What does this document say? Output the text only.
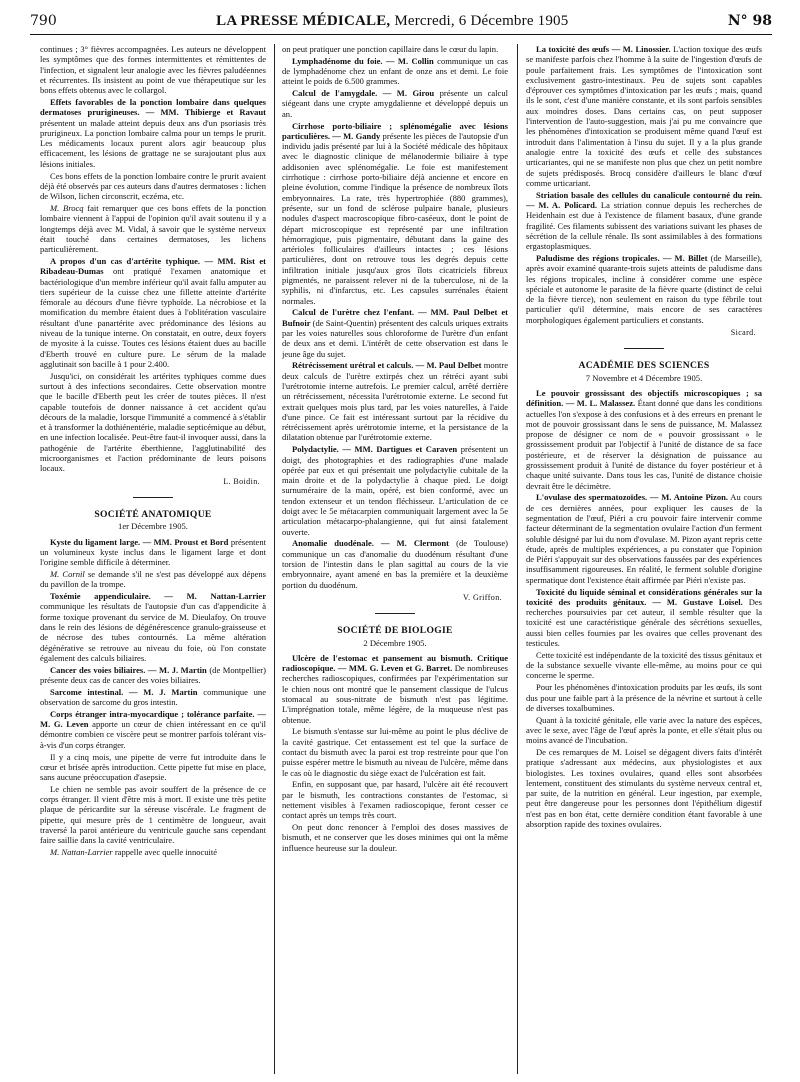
790	LA PRESSE MÉDICALE, Mercredi, 6 Décembre 1905	N° 98

continues ; 3° fièvres accompagnées. Les auteurs ne développent les symptômes que des formes intermittentes et rémittentes de l'infection, et signalent leur analogie avec les fièvres paludéennes et récurrentes. Ils insistent au point de vue thérapeutique sur les bons effets obtenus avec le collargol.

Effets favorables de la ponction lombaire dans quelques dermatoses prurigineuses. — MM. Thibierge et Ravaut présentent un malade atteint depuis deux ans d'un psoriasis très prurigineux. La ponction lombaire calma pour un temps le prurit. Les médicaments locaux purent alors agir beaucoup plus efficacement, les lésions de grattage ne se surajoutant plus aux lésions initiales.

Ces bons effets de la ponction lombaire contre le prurit avaient déjà été observés par ces auteurs dans d'autres dermatoses : lichen de Wilson, lichen circonscrit, eczéma, etc.

M. Brocq fait remarquer que ces bons effets de la ponction lombaire viennent à l'appui de l'opinion qu'il avait soutenu il y a longtemps déjà avec M. Vidal, à savoir que le système nerveux était touché dans certaines dermatoses, les lichens particulièrement.

A propos d'un cas d'artérite typhique. — MM. Rist et Ribadeau-Dumas ont pratiqué l'examen anatomique et bactériologique d'un membre inférieur qu'il avait fallu amputer au tiers supérieur de la cuisse chez une fillette atteinte d'artérite fémorale au décours d'une fièvre typhoïde. La nécrobiose et la momification du membre étaient dues à l'oblitération vasculaire résultant d'une panartérite avec prédominance des lésions au niveau de la tunique interne. On constatait, en outre, deux foyers de myosite à la cuisse. Toutes ces lésions étaient dues au bacille d'Eberth trouvé en culture pure. Le sérum de la malade agglutinait son bacille à 1 pour 2.400.

Jusqu'ici, on considérait les artérites typhiques comme dues surtout à des infections secondaires. Cette observation montre que le bacille d'Eberth peut les créer de toutes pièces. Il n'est capable toutefois de donner naissance à cet accident qu'au décours de la maladie, lorsque l'immunité a commencé à s'établir et à transformer la dothiénentérie, maladie septicémique au début, en une infection localisée. Peut-être faut-il invoquer aussi, dans la pathogénie de l'artérite éberthienne, l'agglutinabilité des microorganismes et l'action prédominante de leurs poisons locaux.

L. Boidin.
SOCIÉTÉ ANATOMIQUE
1er Décembre 1905.

Kyste du ligament large. — MM. Proust et Bord présentent un volumineux kyste inclus dans le ligament large et dont l'origine semble difficile à déterminer.

M. Cornil se demande s'il ne s'est pas développé aux dépens du pavillon de la trompe.

Toxémie appendiculaire. — M. Nattan-Larrier communique les résultats de l'autopsie d'un cas d'appendicite à forme toxique provenant du service de M. Dieulafoy. On trouve dans le rein des lésions de dégénérescence granulo-graisseuse et de nécrose des tubes contournés. La même altération dégénérative se retrouve au niveau du foie, où l'on constate également des calculs biliaires.

Cancer des voies biliaires. — M. J. Martin (de Montpellier) présente deux cas de cancer des voies biliaires.

Sarcome intestinal. — M. J. Martin communique une observation de sarcome du gros intestin.

Corps étranger intra-myocardique ; tolérance parfaite. — M. G. Leven apporte un cœur de chien intéressant en ce qu'il démontre combien ce viscère peut se montrer parfois tolérant vis-à-vis d'un corps étranger.

Il y a cinq mois, une pipette de verre fut introduite dans le cœur et brisée après introduction. Cette pipette fut mise en place, sans aucune préoccupation d'asepsie.

Le chien ne semble pas avoir souffert de la présence de ce corps étranger. Il vient d'être mis à mort. Il existe une très petite plaque de péricardite sur la séreuse viscérale. Le fragment de pipette, qui mesure près de 1 centimètre de longueur, avait traversé la paroi antérieure du ventricule gauche sans cependant faire saillie dans la cavité ventriculaire.

M. Nattan-Larrier rappelle avec quelle innocuité

on peut pratiquer une ponction capillaire dans le cœur du lapin.

Lymphadénome du foie. — M. Collin communique un cas de lymphadénome chez un enfant de onze ans et demi. Le foie atteint le poids de 6.500 grammes.

Calcul de l'amygdale. — M. Girou présente un calcul siégeant dans une crypte amygdalienne et développé depuis un an.

Cirrhose porto-biliaire ; splénomégalie avec lésions particulières. — M. Gandy présente les pièces de l'autopsie d'un individu jadis présenté par lui à la Société médicale des hôpitaux avec le diagnostic clinique de mélanodermie biliaire à type addisonien avec splénomégalie. Le foie est manifestement cirrhotique : cirrhose porto-biliaire déjà ancienne et encore en pleine évolution, comme l'indique la présence de nombreux îlots embryonnaires. La rate, très hypertrophiée (880 grammes), présente, sur un fond de sclérose pulpaire banale, plusieurs nodules d'aspect macroscopique fibro-caséeux, dont le point de départ microscopique est représenté par une infiltration hémorragique, puis pigmentaire, débutant dans la gaine des artérioles folliculaires d'ailleurs intactes ; ces lésions particulières, dont on retrouve tous les degrés depuis cette infiltration initiale jusqu'aux gros îlots cicatriciels fibreux pigmentés, ne paraissent relever ni de la tuberculose, ni de la syphilis, ni d'infarctus, etc. Les capsules surrénales étaient normales.

Calcul de l'urètre chez l'enfant. — MM. Paul Delbet et Bufnoir (de Saint-Quentin) présentent des calculs uriques extraits par les voies naturelles sous chloroforme de l'urètre d'un enfant de deux ans et demi. L'intérêt de cette observation est dans le jeune âge du sujet.

Rétrécissement urétral et calculs. — M. Paul Delbet montre deux calculs de l'urètre extirpés chez un rétréci ayant subi l'urétrotomie interne autrefois. Le premier calcul, arrêté derrière un rétrécissement, nécessita l'urétrotomie externe. Le second fut extrait quelques mois plus tard, par les voies naturelles, à l'aide d'une pince. Ce fait est intéressant surtout par la récidive du rétrécissement après urétrotomie interne, et la persistance de la dilatation obtenue par l'urétrotomie externe.

Polydactylie. — MM. Dartigues et Caraven présentent un doigt, des photographies et des radiographies d'une malade opérée par eux et qui présentait une polydactylie cubitale de la main droite et de la polydactylie à chaque pied. Le doigt surnuméraire de la main, opéré, est bien conformé, avec un tendon extenseur et un tendon fléchisseur. L'articulation de ce doigt avec le 5e métacarpien communiquait largement avec la 5e articulation métacarpo-phalangienne, qui fut ainsi fatalement ouverte.

Anomalie duodénale. — M. Clermont (de Toulouse) communique un cas d'anomalie du duodénum résultant d'une torsion de l'intestin dans le plan sagittal au cours de la vie embryonnaire, ayant amené en bas la première et la deuxième portion du duodénum.

V. Griffon.
SOCIÉTÉ DE BIOLOGIE
2 Décembre 1905.

Ulcère de l'estomac et pansement au bismuth. Critique radioscopique. — MM. G. Leven et G. Barret. De nombreuses recherches radioscopiques, confirmées par l'expérimentation sur le chien nous ont montré que le pansement classique de l'ulcus stomacal au sous-nitrate de bismuth n'est pas légitime. L'imprégnation totale, même légère, de la muqueuse n'est pas obtenue.

Le bismuth s'entasse sur lui-même au point le plus déclive de la cavité gastrique. Cet entassement est tel que la surface de contact du bismuth avec la paroi est trop restreinte pour que l'on puisse espérer mettre le bismuth au niveau de l'ulcère, même dans le cas où le diagnostic du siège exact de l'ulcération est fait.

Enfin, en supposant que, par hasard, l'ulcère ait été recouvert par le bismuth, les contractions constantes de l'estomac, si nettement visibles à l'examen radioscopique, feront cesser ce contact après un temps très court.

On peut donc renoncer à l'emploi des doses massives de bismuth, et ne conserver que les doses minimes qui ont la même influence heureuse sur la douleur.

La toxicité des œufs — M. Linossier. L'action toxique des œufs se manifeste parfois chez l'homme à la suite de l'ingestion d'œufs de poule parfaitement frais. Les symptômes de l'intoxication sont exclusivement gastro-intestinaux. Peu de sujets sont capables d'éprouver ces symptômes d'intoxication par les œufs ; mais, quand ils le sont, c'est d'une manière constante, et ils sont parfois sensibles aux moindres doses. Dans certains cas, on peut supposer l'intervention de l'auto-suggestion, mais j'ai pu me convaincre que les phénomènes d'intoxication se produisent même quand l'œuf est introduit dans l'alimentation à l'insu du sujet. Il y a la plus grande analogie entre la toxicité des œufs et celle des substances urticariantes, qui ne se manifeste non plus que chez un petit nombre de sujets prédisposés. Brocq considère d'ailleurs le blanc d'œuf comme urticariant.

Striation basale des cellules du canalicule contourné du rein. — M. A. Policard. La striation connue depuis les recherches de Heidenhain est due à l'existence de filament basaux, d'une grande fragilité. Ces filaments subissent des variations suivant les phases de sécrétion de la cellule rénale. Ils sont assimilables à des formations ergastoplasmiques.

Paludisme des régions tropicales. — M. Billet (de Marseille), après avoir examiné quarante-trois sujets atteints de paludisme dans les régions tropicales, incline à considérer comme une espèce spéciale et autonome le parasite de la fièvre quarte (distinct de celui de la fièvre tierce), non seulement en raison du type fébrile tout particulier qu'il détermine, mais encore de ses caractères morphologiques également particuliers et constants.

Sicard.
ACADÉMIE DES SCIENCES
7 Novembre et 4 Décembre 1905.

Le pouvoir grossissant des objectifs microscopiques ; sa définition. — M. L. Malassez. Étant donné que dans les conditions actuelles l'on s'expose à des confusions et à des erreurs en prenant le mot de pouvoir grossissant dans le sens de puissance, M. Malassez propose de désigner ce nom de « pouvoir grossissant » le grossissement produit par l'objectif à l'unité de distance de sa face postérieure, et de réserver la désignation de puissance au grossissement produit à l'unité de distance du foyer postérieur et à chaque unité suivante. Dans tous les cas, l'unité de distance choisie devrait être le décimètre.

L'ovulase des spermatozoïdes. — M. Antoine Pizon. Au cours de ces dernières années, pour expliquer les causes de la segmentation de l'œuf, Piéri a cru pouvoir faire intervenir comme facteur déterminant de la segmentation ovulaire l'action d'un ferment soluble désigné par lui du nom d'ovulase. M. Pizon ayant repris cette étude, après de multiples expériences, a pu constater que l'opinion de Piéri s'appuyait sur des observations faussées par des expériences insuffisamment rigoureuses. En réalité, le ferment soluble d'origine spermatique dont l'existence était affirmée par Piéri n'existe pas.

Toxicité du liquide séminal et considérations générales sur la toxicité des produits génitaux. — M. Gustave Loisel. Des recherches poursuivies par cet auteur, il semble résulter que la toxicité est une caractéristique générale des sécrétions sexuelles, aussi bien celles fournies par les ovaires que celles provenant des testicules.

Cette toxicité est indépendante de la toxicité des tissus génitaux et de la substance sexuelle vivante elle-même, au moins pour ce qui concerne le sperme.

Pour les phénomènes d'intoxication produits par les œufs, ils sont dus pour une faible part à la présence de la névrine et surtout à celle de diverses toxalbumines.

Quant à la toxicité génitale, elle varie avec la nature des espèces, avec le sexe, avec l'âge de l'œuf après la ponte, et elle s'était plus ou moins avancé de l'incubation.

De ces remarques de M. Loisel se dégagent divers faits d'intérêt pratique s'adressant aux médecins, aux physiologistes et aux biologistes. Les toxines ovulaires, quand elles sont absorbées lentement, constituent des stimulants du système nerveux central et, par suite, de la nutrition en général. Leur ingestion, par exemple, peut être dangereuse pour les personnes dont l'épithélium digestif n'est pas en bon état, cette dernière condition étant favorable à une absorption rapide des toxines ovulaires.
